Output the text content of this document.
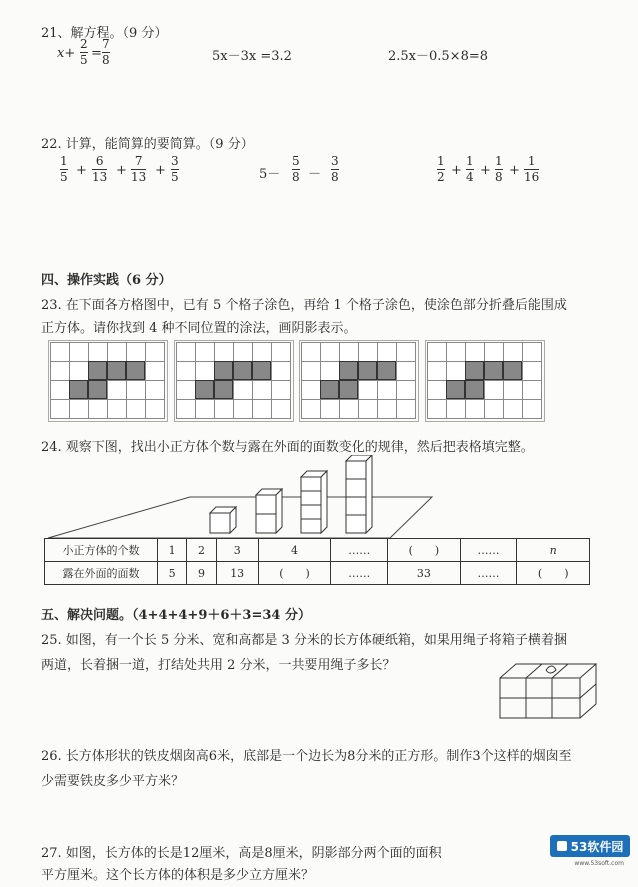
21、解方程。（9 分）
x+
2
5 =
7
8	5x－3x =3.2	2.5x－0.5×8=8
22. 计算，能简算的要简算。（9 分）
1
5 +
6
13 +
7
13 +
3
5	5－
5
8 －
3
8
1
2 +
1
4 +
1
8 +
1
16
四、操作实践（6 分）
23. 在下面各方格图中，已有 5 个格子涂色，再给 1 个格子涂色，使涂色部分折叠后能围成
正方体。请你找到 4 种不同位置的涂法，画阴影表示。
24. 观察下图，找出小正方体个数与露在外面的面数变化的规律，然后把表格填完整。
小正方体的个数	1	2	3	4	……	(　　)	……	n
露在外面的面数	5	9	13	(　　)	……	33	……	(　　)
五、解决问题。（4+4+4+9＋6＋3=34 分）
25. 如图，有一个长 5 分米、宽和高都是 3 分米的长方体硬纸箱，如果用绳子将箱子横着捆
两道，长着捆一道，打结处共用 2 分米，一共要用绳子多长？
26. 长方体形状的铁皮烟囱高6米，底部是一个边长为8分米的正方形。制作3个这样的烟囱至
少需要铁皮多少平方米？
27. 如图，长方体的长是12厘米，高是8厘米，阴影部分两个面的面积
平方厘米。这个长方体的体积是多少立方厘米？
53软件园
www.53soft.com
